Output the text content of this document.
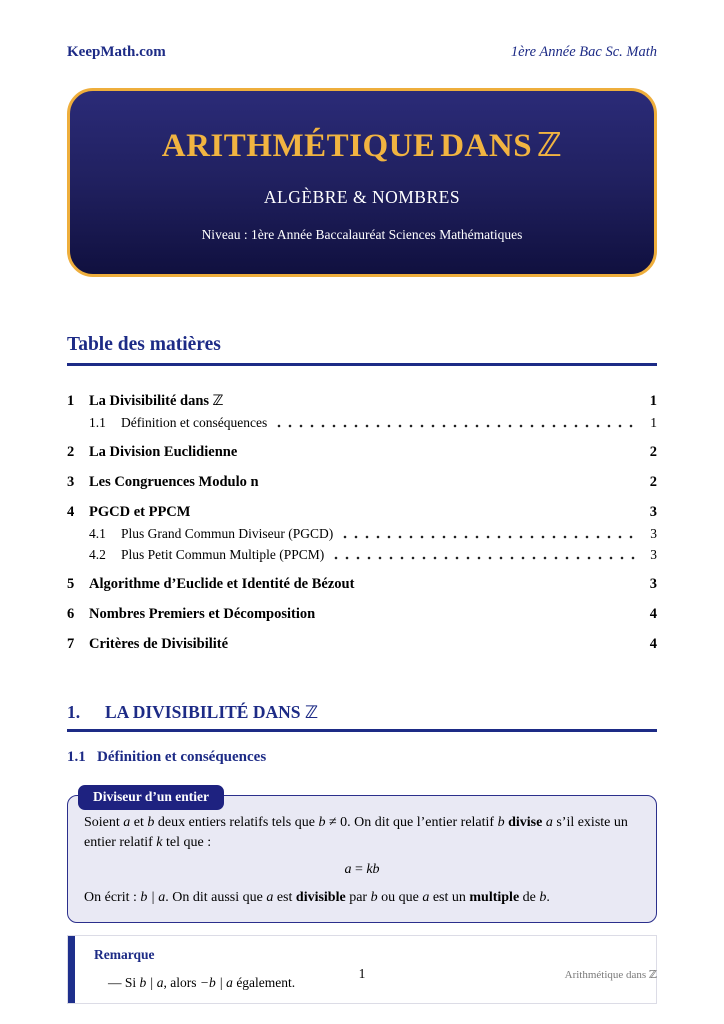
KeepMath.com	1ère Année Bac Sc. Math
ARITHMÉTIQUE DANS ℤ
ALGÈBRE & NOMBRES
Niveau : 1ère Année Baccalauréat Sciences Mathématiques
Table des matières
1	La Divisibilité dans ℤ	1
1.1	Définition et conséquences	1
2	La Division Euclidienne	2
3	Les Congruences Modulo n	2
4	PGCD et PPCM	3
4.1	Plus Grand Commun Diviseur (PGCD)	3
4.2	Plus Petit Commun Multiple (PPCM)	3
5	Algorithme d’Euclide et Identité de Bézout	3
6	Nombres Premiers et Décomposition	4
7	Critères de Divisibilité	4
1.	LA DIVISIBILITÉ DANS ℤ
1.1 Définition et conséquences
Diviseur d’un entier
Soient a et b deux entiers relatifs tels que b ≠ 0. On dit que l’entier relatif b divise a s’il existe un entier relatif k tel que :
a = kb
On écrit : b | a. On dit aussi que a est divisible par b ou que a est un multiple de b.
Remarque
— Si b | a, alors −b | a également.
1	Arithmétique dans ℤ
